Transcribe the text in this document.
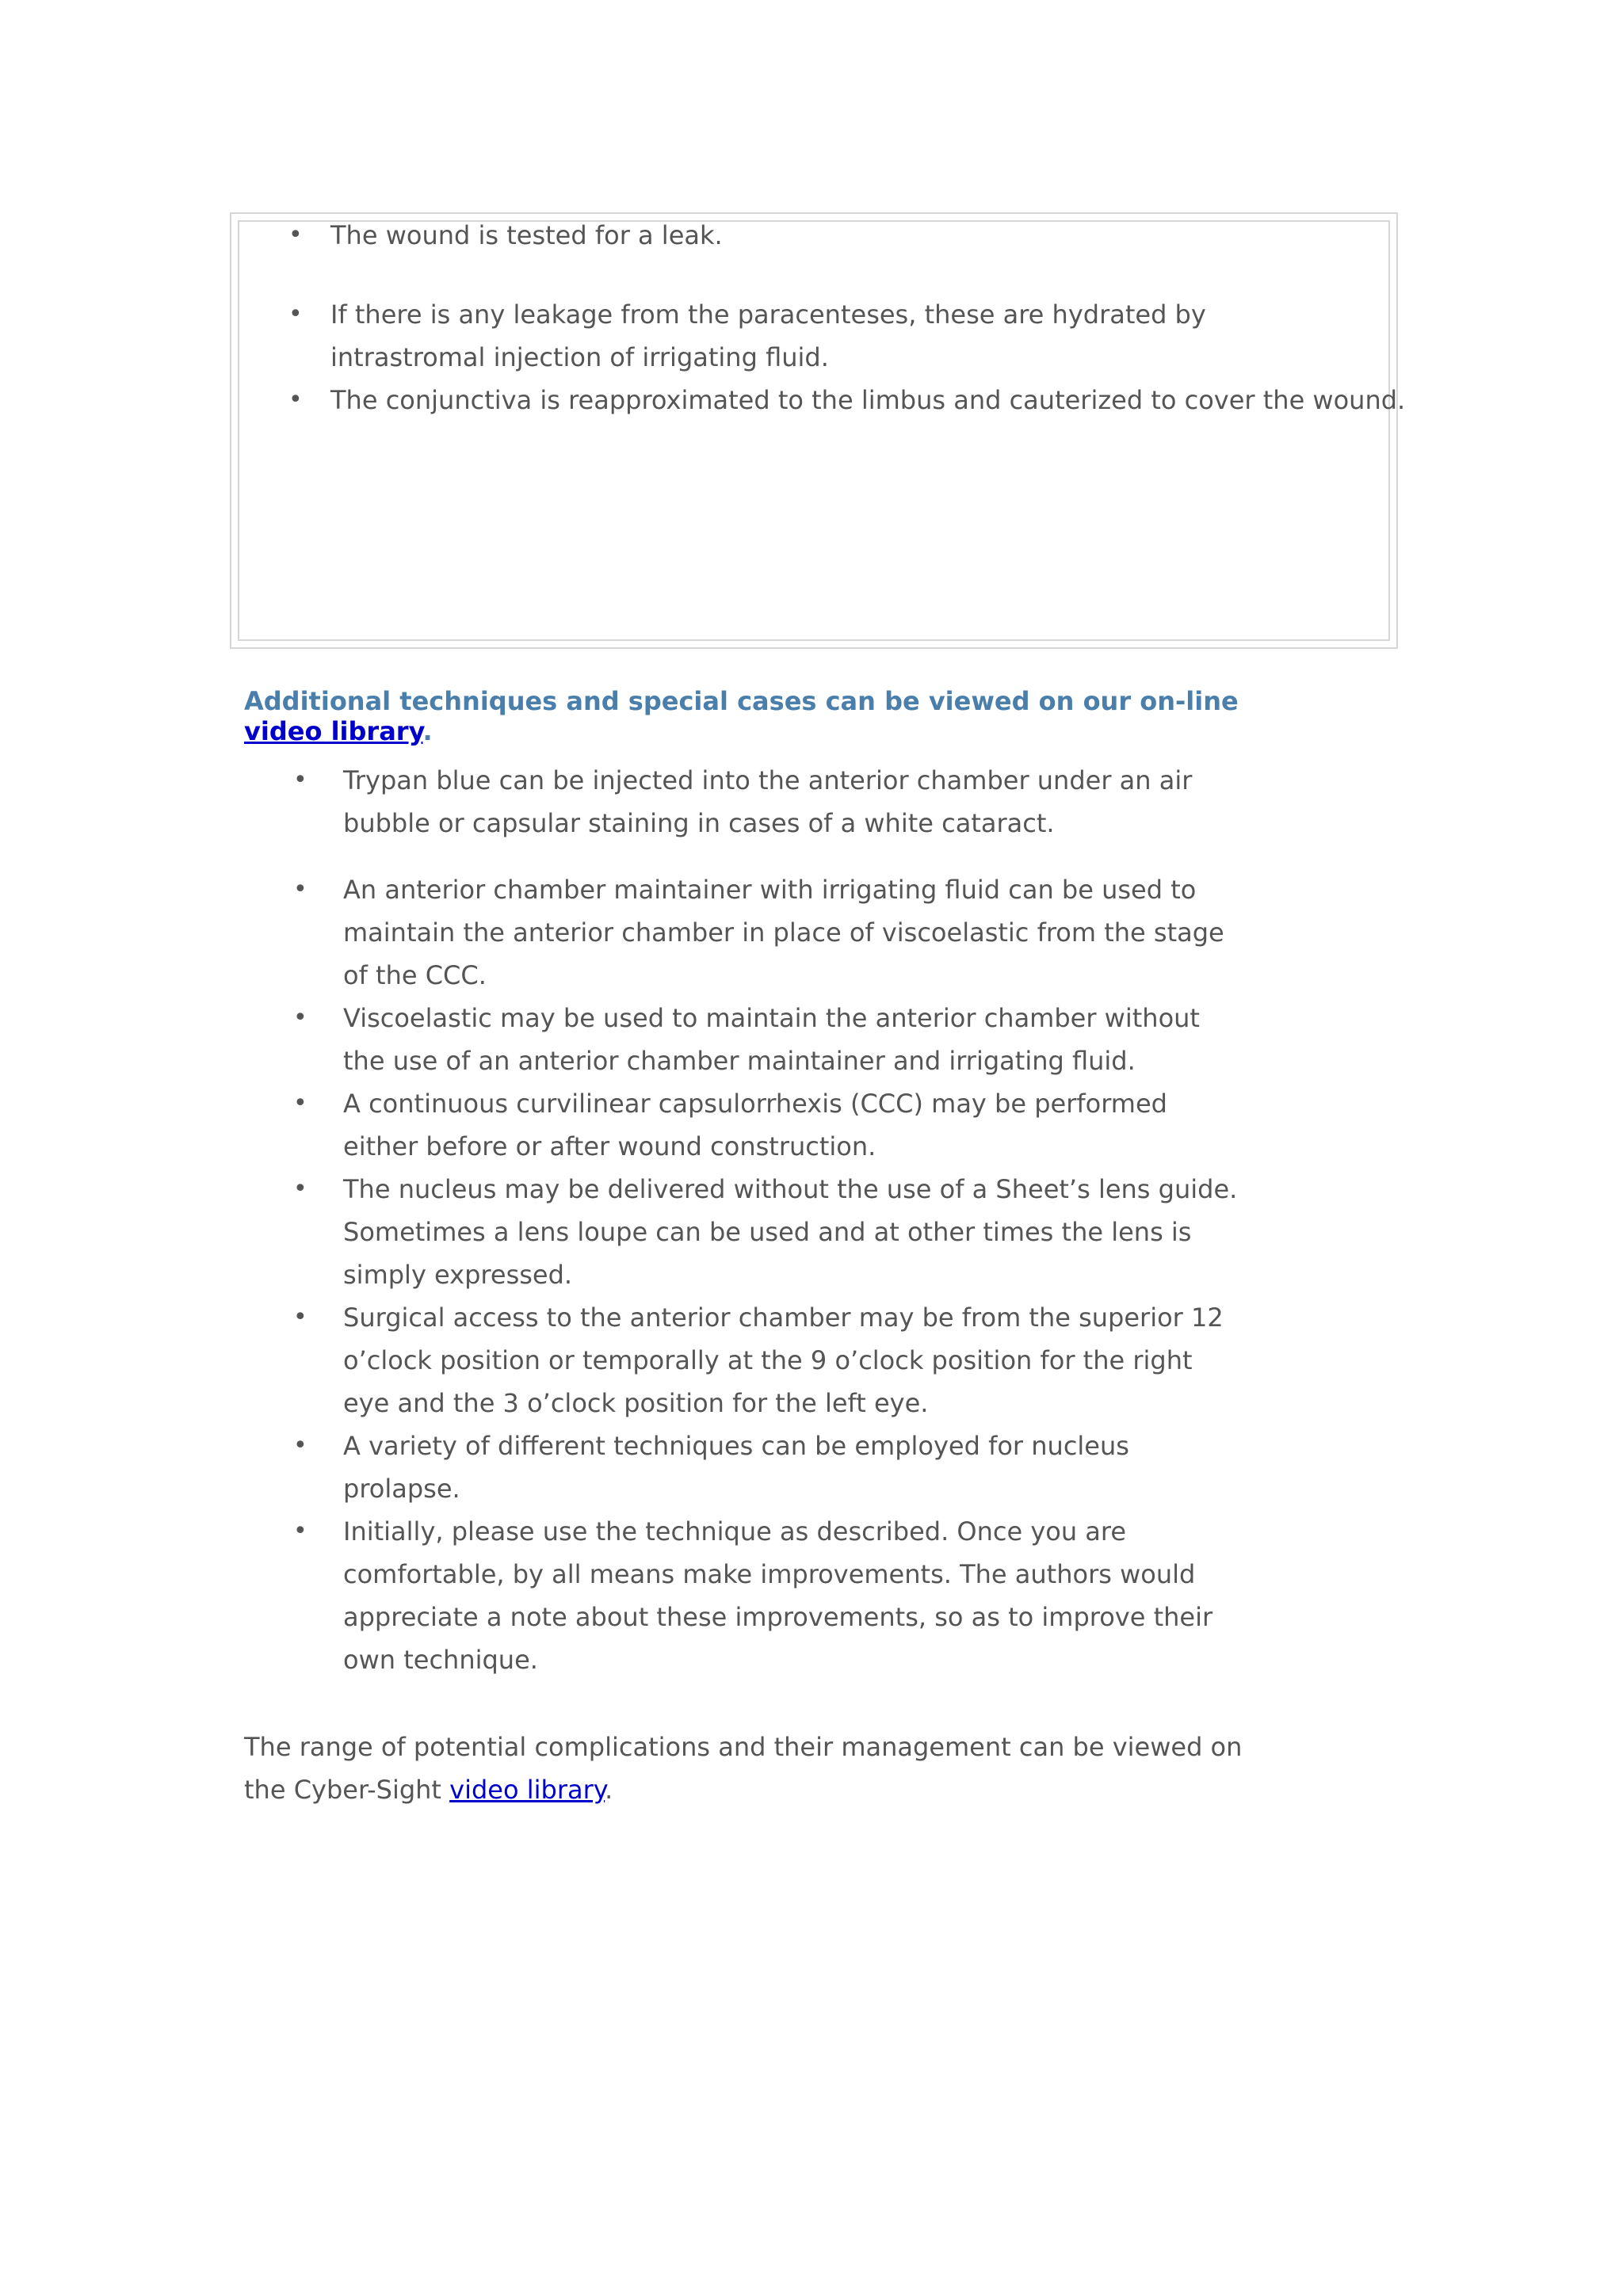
• The wound is tested for a leak.
• If there is any leakage from the paracenteses, these are hydrated by intrastromal injection of irrigating fluid.
• The conjunctiva is reapproximated to the limbus and cauterized to cover the wound.

Additional techniques and special cases can be viewed on our on-line video library.

• Trypan blue can be injected into the anterior chamber under an air bubble or capsular staining in cases of a white cataract.
• An anterior chamber maintainer with irrigating fluid can be used to maintain the anterior chamber in place of viscoelastic from the stage of the CCC.
• Viscoelastic may be used to maintain the anterior chamber without the use of an anterior chamber maintainer and irrigating fluid.
• A continuous curvilinear capsulorrhexis (CCC) may be performed either before or after wound construction.
• The nucleus may be delivered without the use of a Sheet’s lens guide. Sometimes a lens loupe can be used and at other times the lens is simply expressed.
• Surgical access to the anterior chamber may be from the superior 12 o’clock position or temporally at the 9 o’clock position for the right eye and the 3 o’clock position for the left eye.
• A variety of different techniques can be employed for nucleus prolapse.
• Initially, please use the technique as described. Once you are comfortable, by all means make improvements. The authors would appreciate a note about these improvements, so as to improve their own technique.

The range of potential complications and their management can be viewed on the Cyber-Sight video library.
